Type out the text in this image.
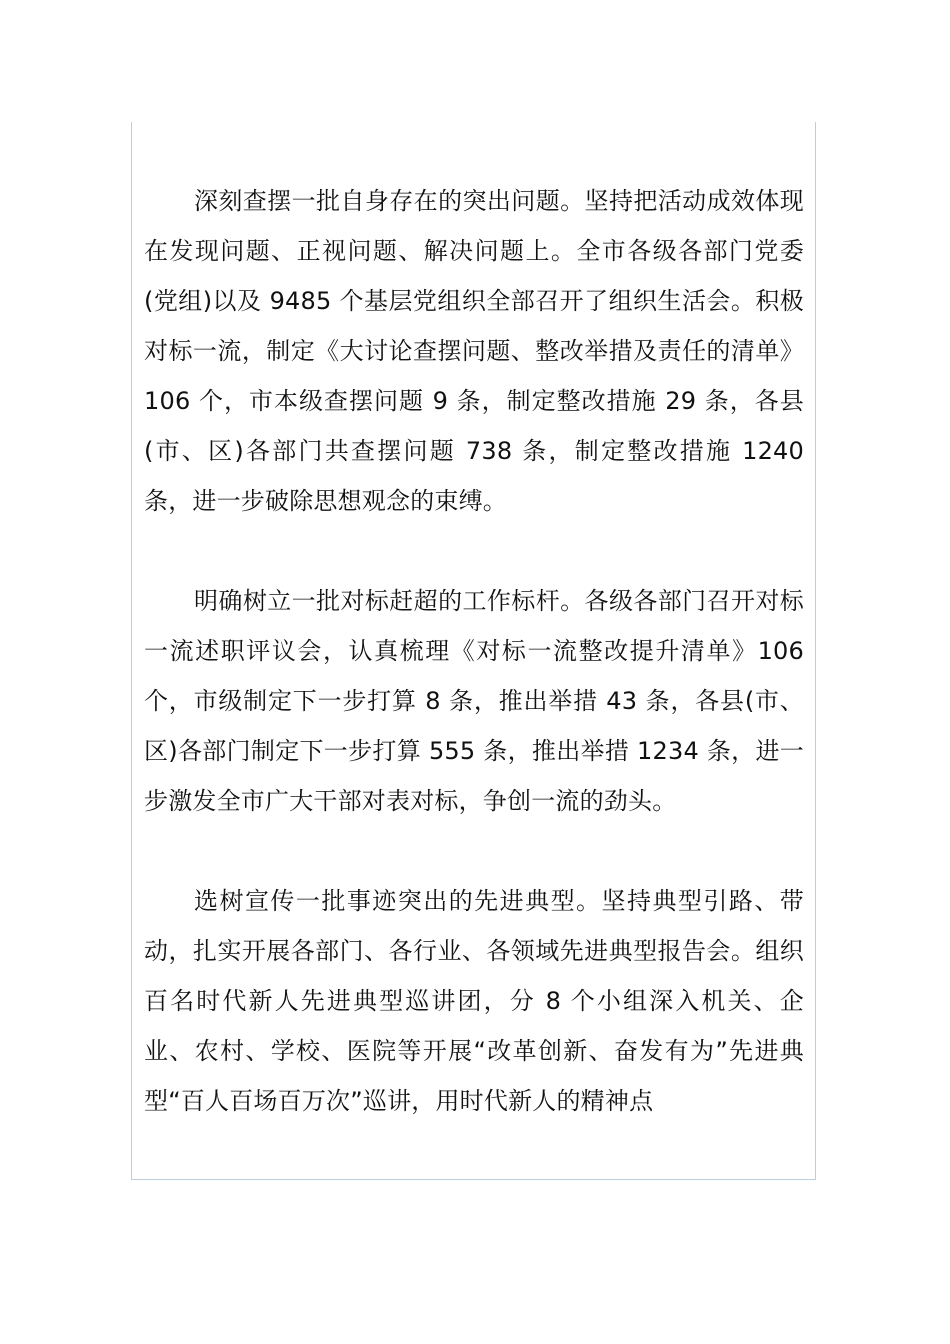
深刻查摆一批自身存在的突出问题。坚持把活动成效体现在发现问题、正视问题、解决问题上。全市各级各部门党委(党组)以及 9485 个基层党组织全部召开了组织生活会。积极对标一流，制定《大讨论查摆问题、整改举措及责任的清单》106 个，市本级查摆问题 9 条，制定整改措施 29 条，各县(市、区)各部门共查摆问题 738 条，制定整改措施 1240 条，进一步破除思想观念的束缚。

明确树立一批对标赶超的工作标杆。各级各部门召开对标一流述职评议会，认真梳理《对标一流整改提升清单》106 个，市级制定下一步打算 8 条，推出举措 43 条，各县(市、区)各部门制定下一步打算 555 条，推出举措 1234 条，进一步激发全市广大干部对表对标，争创一流的劲头。

选树宣传一批事迹突出的先进典型。坚持典型引路、带动，扎实开展各部门、各行业、各领域先进典型报告会。组织百名时代新人先进典型巡讲团，分 8 个小组深入机关、企业、农村、学校、医院等开展“改革创新、奋发有为”先进典型“百人百场百万次”巡讲，用时代新人的精神点
